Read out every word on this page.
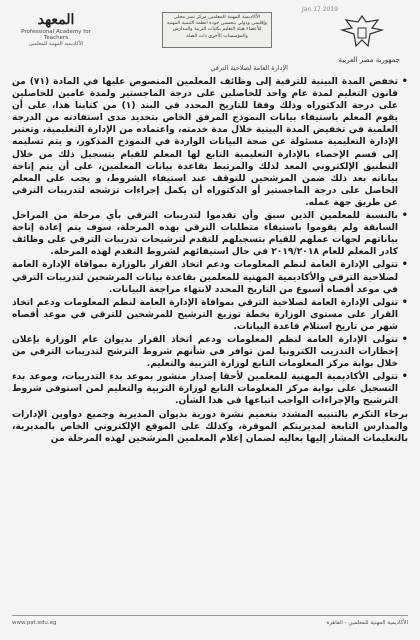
Jan 17 2019
ﺍﻟﻤﻌﻬﺪ
Professional Academy for Teachers
ﺍﻷﻛﺎﺩﻳﻤﻴﺔ ﺍﻟﻤﻬﻨﻴﺔ ﻟﻠﻤﻌﻠﻤﻴﻦ
ﺍﻷﻛﺎﺩﻳﻤﻴﺔ ﺍﻟﻤﻬﻨﻴﺔ ﻟﻠﻤﻌﻠﻤﻴﻦ ﻣﺮﻛﺰ ﺗﻤﻴﺰ ﻣﺤﻠﻲ ﻭﺇﻗﻠﻴﻤﻲ ﻭﺩﻭﻟﻲ ﺑﺘﺤﺴﻴﻦ ﺟﻮﺩﺓ ﺃﻧﻈﻤﺔ ﺍﻟﺘﻨﻤﻴﺔ ﺍﻟﻤﻬﻨﻴﺔ ﻟﻸﻋﻀﺎﺀ ﻫﻴﺌﺔ ﺍﻟﺘﻌﻠﻴﻢ ﺑﻜﻠﻴﺎﺕ ﺍﻟﺘﺮﺑﻴﺔ ﻭﺍﻟﻤﺪﺍﺭﺱ ﻭﺍﻟﻤﺆﺳﺴﺎﺕ ﺍﻷﺧﺮﻯ ﺫﺍﺕ ﺍﻟﺼﻠﺔ
ﺟﻤﻬﻮﺭﻳﺔ ﻣﺼﺮ ﺍﻟﻌﺮﺑﻴﺔ
ﺍﻹﺩﺍﺭﺓ ﺍﻟﻌﺎﻣﺔ ﻟﺼﻼﺣﻴﺔ ﺍﻟﺘﺮﻗﻲ
• ﺗﺨﻔﺾ ﺍﻟﻤﺪﺓ ﺍﻟﺒﻴﻨﻴﺔ ﻟﻠﺘﺮﻗﻴﺔ ﺇﻟﻰ ﻭﻇﺎﺋﻒ ﺍﻟﻤﻌﻠﻤﻴﻦ ﺍﻟﻤﻨﺼﻮﺹ ﻋﻠﻴﻬﺎ ﻓﻲ ﺍﻟﻤﺎﺩﺓ (٧١) ﻣﻦ ﻗﺎﻧﻮﻥ ﺍﻟﺘﻌﻠﻴﻢ ﻟﻤﺪﺓ ﻋﺎﻡ ﻭﺍﺣﺪ ﻟﻠﺤﺎﺻﻠﻴﻦ ﻋﻠﻰ ﺩﺭﺟﺔ ﺍﻟﻤﺎﺟﺴﺘﻴﺮ ﻭﻟﻤﺪﺓ ﻋﺎﻣﻴﻦ ﻟﻠﺤﺎﺻﻠﻴﻦ ﻋﻠﻰ ﺩﺭﺟﺔ ﺍﻟﺪﻛﺘﻮﺭﺍﻩ ﻭﺫﻟﻚ ﻭﻓﻘﺎ ﻟﻠﺘﺎﺭﻳﺦ ﺍﻟﻤﺤﺪﺩ ﻓﻲ ﺍﻟﺒﻨﺪ (١) ﻣﻦ ﻛﺘﺎﺑﻨﺎ ﻫﺬﺍ، ﻋﻠﻰ ﺃﻥ ﻳﻘﻮﻡ ﺍﻟﻤﻌﻠﻢ ﺑﺎﺳﺘﻴﻔﺎﺀ ﺑﻴﺎﻧﺎﺕ ﺍﻟﻨﻤﻮﺫﺝ ﺍﻟﻤﺮﻓﻖ ﺍﻟﺨﺎﺹ ﺑﺘﺤﺪﻳﺪ ﻣﺪﻯ ﺍﺳﺘﻔﺎﺩﺗﻪ ﻣﻦ ﺍﻟﺪﺭﺟﺔ ﺍﻟﻌﻠﻤﻴﺔ ﻓﻲ ﺗﺨﻔﻴﺾ ﺍﻟﻤﺪﺓ ﺍﻟﺒﻴﻨﻴﺔ ﺧﻼﻝ ﻣﺪﺓ ﺧﺪﻣﺘﻪ، ﻭﺍﻋﺘﻤﺎﺩﻩ ﻣﻦ ﺍﻹﺩﺍﺭﺓ ﺍﻟﺘﻌﻠﻴﻤﻴﺔ، ﻭﺗﻌﺘﺒﺮ ﺍﻹﺩﺍﺭﺓ ﺍﻟﺘﻌﻠﻴﻤﻴﺔ ﻣﺴﺌﻮﻟﺔ ﻋﻦ ﺻﺤﺔ ﺍﻟﺒﻴﺎﻧﺎﺕ ﺍﻟﻮﺍﺭﺩﺓ ﻓﻲ ﺍﻟﻨﻤﻮﺫﺝ ﺍﻟﻤﺬﻛﻮﺭ، ﻭ ﻳﺘﻢ ﺗﺴﻠﻴﻤﻪ ﺇﻟﻰ ﻗﺴﻢ ﺍﻹﺣﺼﺎﺀ ﺑﺎﻹﺩﺍﺭﺓ ﺍﻟﺘﻌﻠﻴﻤﻴﺔ ﺍﻟﺘﺎﺑﻊ ﻟﻬﺎ ﺍﻟﻤﻌﻠﻢ ﻟﻠﻘﻴﺎﻡ ﺑﺘﺴﺠﻴﻞ ﺫﻟﻚ ﻣﻦ ﺧﻼﻝ ﺍﻟﺘﻄﺒﻴﻖ ﺍﻹﻟﻜﺘﺮﻭﻧﻲ ﺍﻟﻤﻌﺪ ﻟﺬﻟﻚ ﻭﺍﻟﻤﺮﺗﺒﻂ ﺑﻘﺎﻋﺪﺓ ﺑﻴﺎﻧﺎﺕ ﺍﻟﻤﻌﻠﻤﻴﻦ، ﻋﻠﻰ ﺃﻥ ﻳﺘﻢ ﺇﺗﺎﺣﺔ ﺑﻴﺎﻧﺎﺗﻪ ﺑﻌﺪ ﺫﻟﻚ ﺿﻤﻦ ﺍﻟﻤﺮﺷﺤﻴﻦ ﻟﻠﺘﻮﻗﻒ ﻋﻨﺪ ﺍﺳﺘﻴﻔﺎﺀ ﺍﻟﺸﺮﻭﻁ، ﻭ ﻳﺠﺐ ﻋﻠﻰ ﺍﻟﻤﻌﻠﻢ ﺍﻟﺤﺎﺻﻞ ﻋﻠﻰ ﺩﺭﺟﺔ ﺍﻟﻤﺎﺟﺴﺘﻴﺮ ﺃﻭ ﺍﻟﺪﻛﺘﻮﺭﺍﻩ ﺃﻥ ﻳﻜﻤﻞ ﺇﺟﺮﺍﺀﺍﺕ ﺗﺮﺷﺤﻪ ﻟﺘﺪﺭﻳﺒﺎﺕ ﺍﻟﺘﺮﻗﻲ ﻋﻦ ﻃﺮﻳﻖ ﺟﻬﺔ ﻋﻤﻠﻪ.
• ﺑﺎﻟﻨﺴﺒﺔ ﻟﻠﻤﻌﻠﻤﻴﻦ ﺍﻟﺬﻳﻦ ﺳﺒﻖ ﻭﺃﻥ ﺗﻘﺪﻣﻮﺍ ﻟﺘﺪﺭﻳﺒﺎﺕ ﺍﻟﺘﺮﻗﻲ ﺑﺄﻱ ﻣﺮﺣﻠﺔ ﻣﻦ ﺍﻟﻤﺮﺍﺣﻞ ﺍﻟﺴﺎﺑﻘﺔ ﻭﻟﻢ ﻳﻘﻮﻣﻮﺍ ﺑﺎﺳﺘﻴﻔﺎﺀ ﻣﺘﻄﻠﺒﺎﺕ ﺍﻟﺘﺮﻗﻲ ﺑﻬﺬﻩ ﺍﻟﻤﺮﺣﻠﺔ، ﺳﻮﻑ ﻳﺘﻢ ﺇﻋﺎﺩﺓ ﺇﺗﺎﺣﺔ ﺑﻴﺎﻧﺎﺗﻬﻢ ﻟﺠﻬﺎﺕ ﻋﻤﻠﻬﻢ ﻟﻠﻘﻴﺎﻡ ﺑﺘﺴﺠﻴﻠﻬﻢ ﻟﻠﺘﻘﺪﻡ ﻟﺘﺮﺷﻴﺤﺎﺕ ﺗﺪﺭﻳﺒﺎﺕ ﺍﻟﺘﺮﻗﻲ ﻋﻠﻰ ﻭﻇﺎﺋﻒ ﻛﺎﺩﺭ ﺍﻟﻤﻌﻠﻢ ﻟﻠﻌﺎﻡ ٢٠١٩/٢٠١٨ ﻓﻲ ﺣﺎﻝ ﺍﺳﺘﻴﻔﺎﺋﻬﻢ ﻟﺸﺮﻭﻁ ﺍﻟﺘﻘﺪﻡ ﻟﻬﺬﻩ ﺍﻟﻤﺮﺣﻠﺔ.
• ﺗﺘﻮﻟﻰ ﺍﻹﺩﺍﺭﺓ ﺍﻟﻌﺎﻣﺔ ﻟﻨﻈﻢ ﺍﻟﻤﻌﻠﻮﻣﺎﺕ ﻭﺩﻋﻢ ﺍﺗﺨﺎﺫ ﺍﻟﻘﺮﺍﺭ ﺑﺎﻟﻮﺯﺍﺭﺓ ﺑﻤﻮﺍﻓﺎﺓ ﺍﻹﺩﺍﺭﺓ ﺍﻟﻌﺎﻣﺔ ﻟﺼﻼﺣﻴﺔ ﺍﻟﺘﺮﻗﻲ ﻭﺍﻷﻛﺎﺩﻳﻤﻴﺔ ﺍﻟﻤﻬﻨﻴﺔ ﻟﻠﻤﻌﻠﻤﻴﻦ ﺑﻘﺎﻋﺪﺓ ﺑﻴﺎﻧﺎﺕ ﺍﻟﻤﺮﺷﺤﻴﻦ ﻟﺘﺪﺭﻳﺒﺎﺕ ﺍﻟﺘﺮﻗﻲ ﻓﻲ ﻣﻮﻋﺪ ﺃﻗﺼﺎﻩ ﺃﺳﺒﻮﻉ ﻣﻦ ﺍﻟﺘﺎﺭﻳﺦ ﺍﻟﻤﺤﺪﺩ ﻻﻧﺘﻬﺎﺀ ﻣﺮﺍﺟﻌﺔ ﺍﻟﺒﻴﺎﻧﺎﺕ.
• ﺗﺘﻮﻟﻰ ﺍﻹﺩﺍﺭﺓ ﺍﻟﻌﺎﻣﺔ ﻟﺼﻼﺣﻴﺔ ﺍﻟﺘﺮﻗﻲ ﺑﻤﻮﺍﻓﺎﺓ ﺍﻹﺩﺍﺭﺓ ﺍﻟﻌﺎﻣﺔ ﻟﻨﻈﻢ ﺍﻟﻤﻌﻠﻮﻣﺎﺕ ﻭﺩﻋﻢ ﺍﺗﺨﺎﺫ ﺍﻟﻘﺮﺍﺭ ﻋﻠﻰ ﻣﺴﺘﻮﻯ ﺍﻟﻮﺯﺍﺭﺓ ﺑﺨﻄﺔ ﺗﻮﺯﻳﻊ ﺍﻟﺘﺮﺷﻴﺢ ﻟﻠﻤﺮﺷﺤﻴﻦ ﻟﻠﺘﺮﻗﻲ ﻓﻲ ﻣﻮﻋﺪ ﺃﻗﺼﺎﻩ ﺷﻬﺮ ﻣﻦ ﺗﺎﺭﻳﺦ ﺍﺳﺘﻼﻡ ﻗﺎﻋﺪﺓ ﺍﻟﺒﻴﺎﻧﺎﺕ.
• ﺗﺘﻮﻟﻰ ﺍﻹﺩﺍﺭﺓ ﺍﻟﻌﺎﻣﺔ ﻟﻨﻈﻢ ﺍﻟﻤﻌﻠﻮﻣﺎﺕ ﻭﺩﻋﻢ ﺍﺗﺨﺎﺫ ﺍﻟﻘﺮﺍﺭ ﺑﺪﻳﻮﺍﻥ ﻋﺎﻡ ﺍﻟﻮﺯﺍﺭﺓ ﺑﺈﻋﻼﻥ ﺇﺧﻄﺎﺭﺍﺕ ﺍﻟﺘﺪﺭﻳﺐ ﺍﻟﻜﺘﺮﻭﻧﻴﺎ ﻟﻤﻦ ﺗﻮﺍﻓﺮ ﻓﻲ ﺷﺄﻧﻬﻢ ﺷﺮﻭﻁ ﺍﻟﺘﺮﺷﺢ ﻟﺘﺪﺭﻳﺒﺎﺕ ﺍﻟﺘﺮﻗﻲ ﻣﻦ ﺧﻼﻝ ﺑﻮﺍﺑﺔ ﻣﺮﻛﺰ ﺍﻟﻤﻌﻠﻮﻣﺎﺕ ﺍﻟﺘﺎﺑﻊ ﻟﻮﺯﺍﺭﺓ ﺍﻟﺘﺮﺑﻴﺔ ﻭﺍﻟﺘﻌﻠﻴﻢ.
• ﺗﺘﻮﻟﻰ ﺍﻷﻛﺎﺩﻳﻤﻴﺔ ﺍﻟﻤﻬﻨﻴﺔ ﻟﻠﻤﻌﻠﻤﻴﻦ ﻷﺣﻘﺎ ﺇﺻﺪﺍﺭ ﻣﻨﺸﻮﺭ ﺑﻤﻮﻋﺪ ﺑﺪﺀ ﺍﻟﺘﺪﺭﻳﺒﺎﺕ، ﻭﻣﻮﻋﺪ ﺑﺪﺀ ﺍﻟﺘﺴﺠﻴﻞ ﻋﻠﻰ ﺑﻮﺍﺑﺔ ﻣﺮﻛﺰ ﺍﻟﻤﻌﻠﻮﻣﺎﺕ ﺍﻟﺘﺎﺑﻊ ﻟﻮﺯﺍﺭﺓ ﺍﻟﺘﺮﺑﻴﺔ ﻭﺍﻟﺘﻌﻠﻴﻢ ﻟﻤﻦ ﺍﺳﺘﻮﻓﻰ ﺷﺮﻭﻁ ﺍﻟﺘﺮﺷﻴﺢ ﻭﺍﻹﺟﺮﺍﺀﺍﺕ ﺍﻟﻮﺍﺟﺐ ﺍﺗﺒﺎﻋﻬﺎ ﻓﻲ ﻫﺬﺍ ﺍﻟﺸﺄﻥ.
ﺑﺮﺟﺎﺀ ﺍﻟﺘﻜﺮﻡ ﺑﺎﻟﺘﻨﺒﻴﻪ ﺍﻟﻤﺸﺪﺩ ﺑﺘﻌﻤﻴﻢ ﻧﺸﺮﺓ ﺩﻭﺭﻳﺔ ﺑﺪﻳﻮﺍﻥ ﺍﻟﻤﺪﻳﺮﻳﺔ ﻭﺟﻤﻴﻊ ﺩﻭﺍﻭﻳﻦ ﺍﻹﺩﺍﺭﺍﺕ ﻭﺍﻟﻤﺪﺍﺭﺱ ﺍﻟﺘﺎﺑﻌﺔ ﻟﻤﺪﻳﺮﻳﺘﻜﻢ ﺍﻟﻤﻮﻗﺮﺓ، ﻭﻛﺬﻟﻚ ﻋﻠﻰ ﺍﻟﻤﻮﻗﻊ ﺍﻹﻟﻜﺘﺮﻭﻧﻲ ﺍﻟﺨﺎﺹ ﺑﺎﻟﻤﺪﻳﺮﻳﺔ، ﺑﺎﻟﺘﻌﻠﻴﻤﺎﺕ ﺍﻟﻤﺸﺎﺭ ﺇﻟﻴﻬﺎ ﺑﻌﺎﻟﻴﻪ ﻟﻀﻤﺎﻥ ﺇﻋﻼﻡ ﺍﻟﻤﻌﻠﻤﻴﻦ ﺍﻟﻤﺮﺷﺤﻴﻦ ﻟﻬﺬﻩ ﺍﻟﻤﺮﺣﻠﺔ ﻣﻦ
www.pat.edu.eg	ﺍﻷﻛﺎﺩﻳﻤﻴﺔ ﺍﻟﻤﻬﻨﻴﺔ ﻟﻠﻤﻌﻠﻤﻴﻦ - ﺍﻟﻘﺎﻫﺮﺓ
